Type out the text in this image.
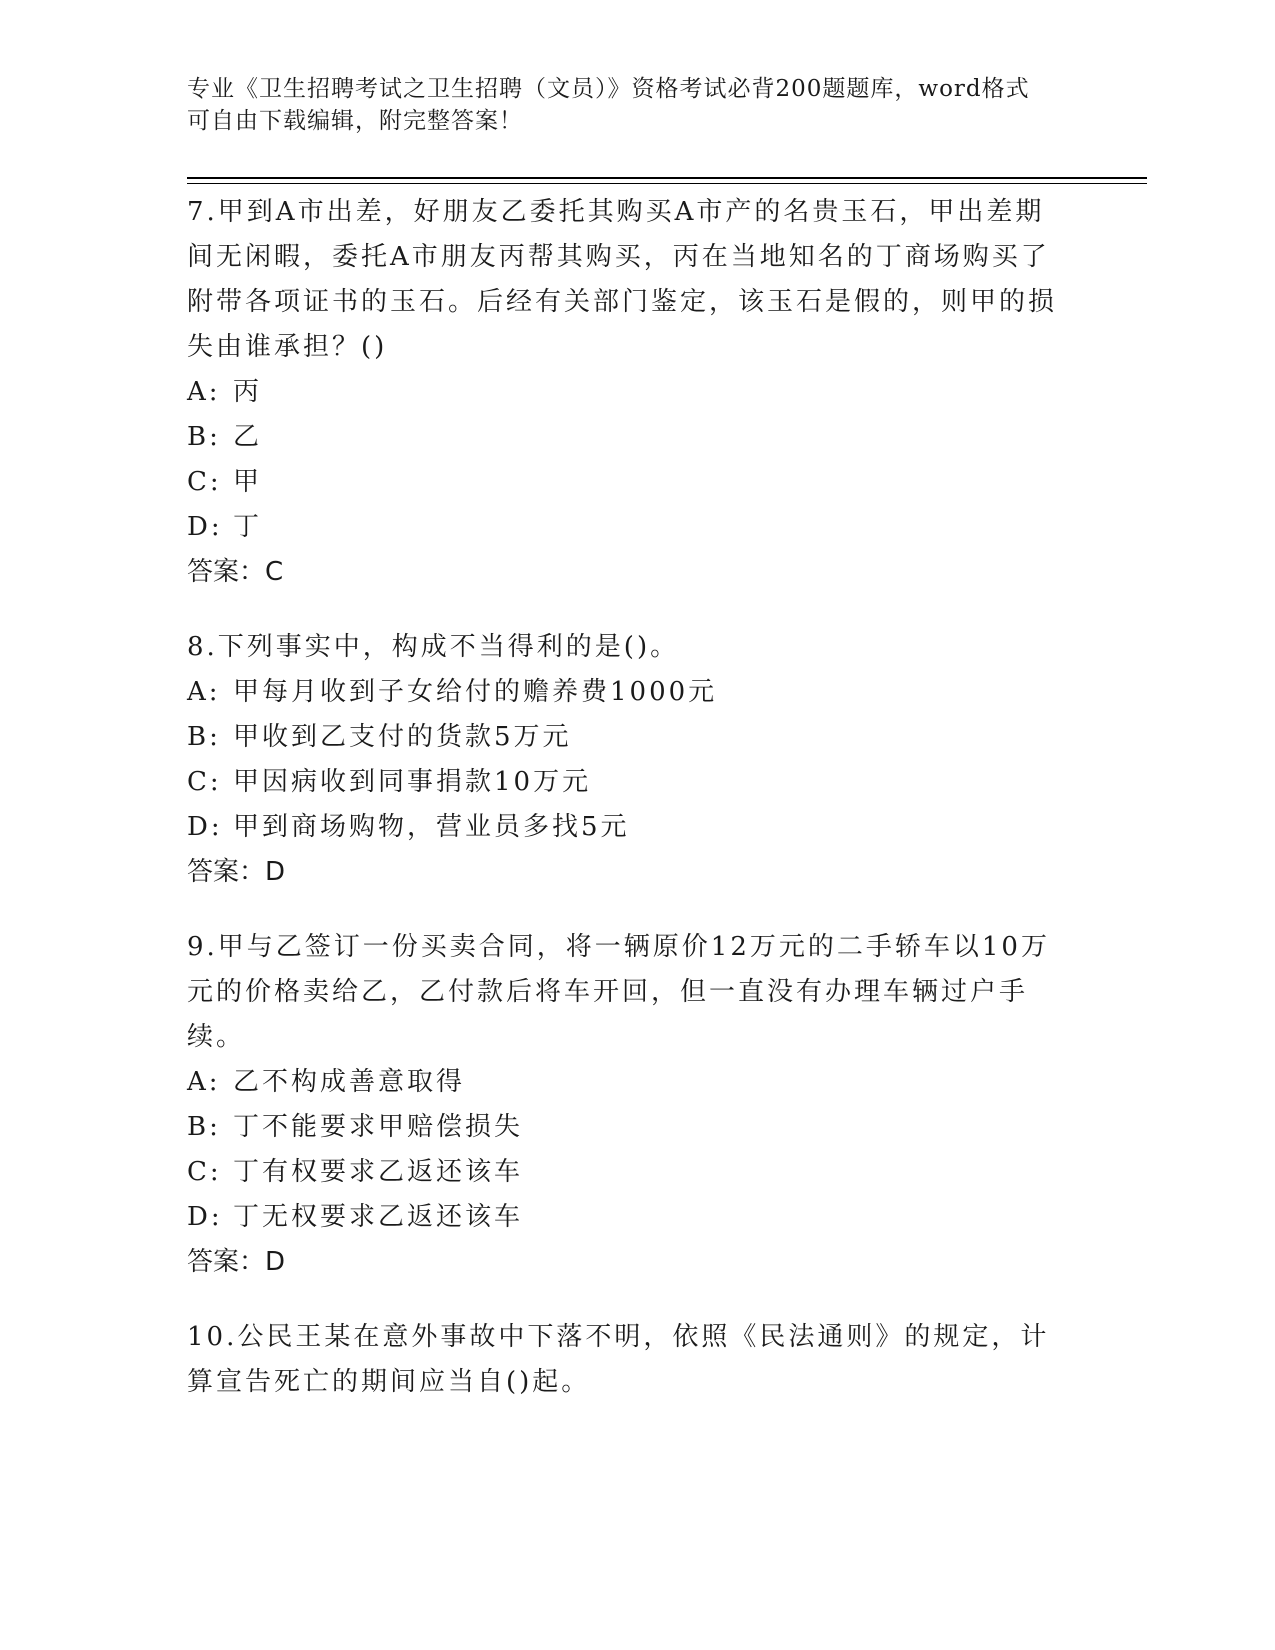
专业《卫生招聘考试之卫生招聘（文员）》资格考试必背200题题库，word格式
可自由下载编辑，附完整答案！

7.甲到A市出差，好朋友乙委托其购买A市产的名贵玉石，甲出差期间无闲暇，委托A市朋友丙帮其购买，丙在当地知名的丁商场购买了附带各项证书的玉石。后经有关部门鉴定，该玉石是假的，则甲的损失由谁承担？()

A: 丙

B: 乙

C: 甲

D: 丁

答案：C

8.下列事实中，构成不当得利的是()。

A: 甲每月收到子女给付的赡养费1000元

B: 甲收到乙支付的货款5万元

C: 甲因病收到同事捐款10万元

D: 甲到商场购物，营业员多找5元

答案：D

9.甲与乙签订一份买卖合同，将一辆原价12万元的二手轿车以10万元的价格卖给乙，乙付款后将车开回，但一直没有办理车辆过户手续。

A: 乙不构成善意取得

B: 丁不能要求甲赔偿损失

C: 丁有权要求乙返还该车

D: 丁无权要求乙返还该车

答案：D

10.公民王某在意外事故中下落不明，依照《民法通则》的规定，计算宣告死亡的期间应当自()起。
